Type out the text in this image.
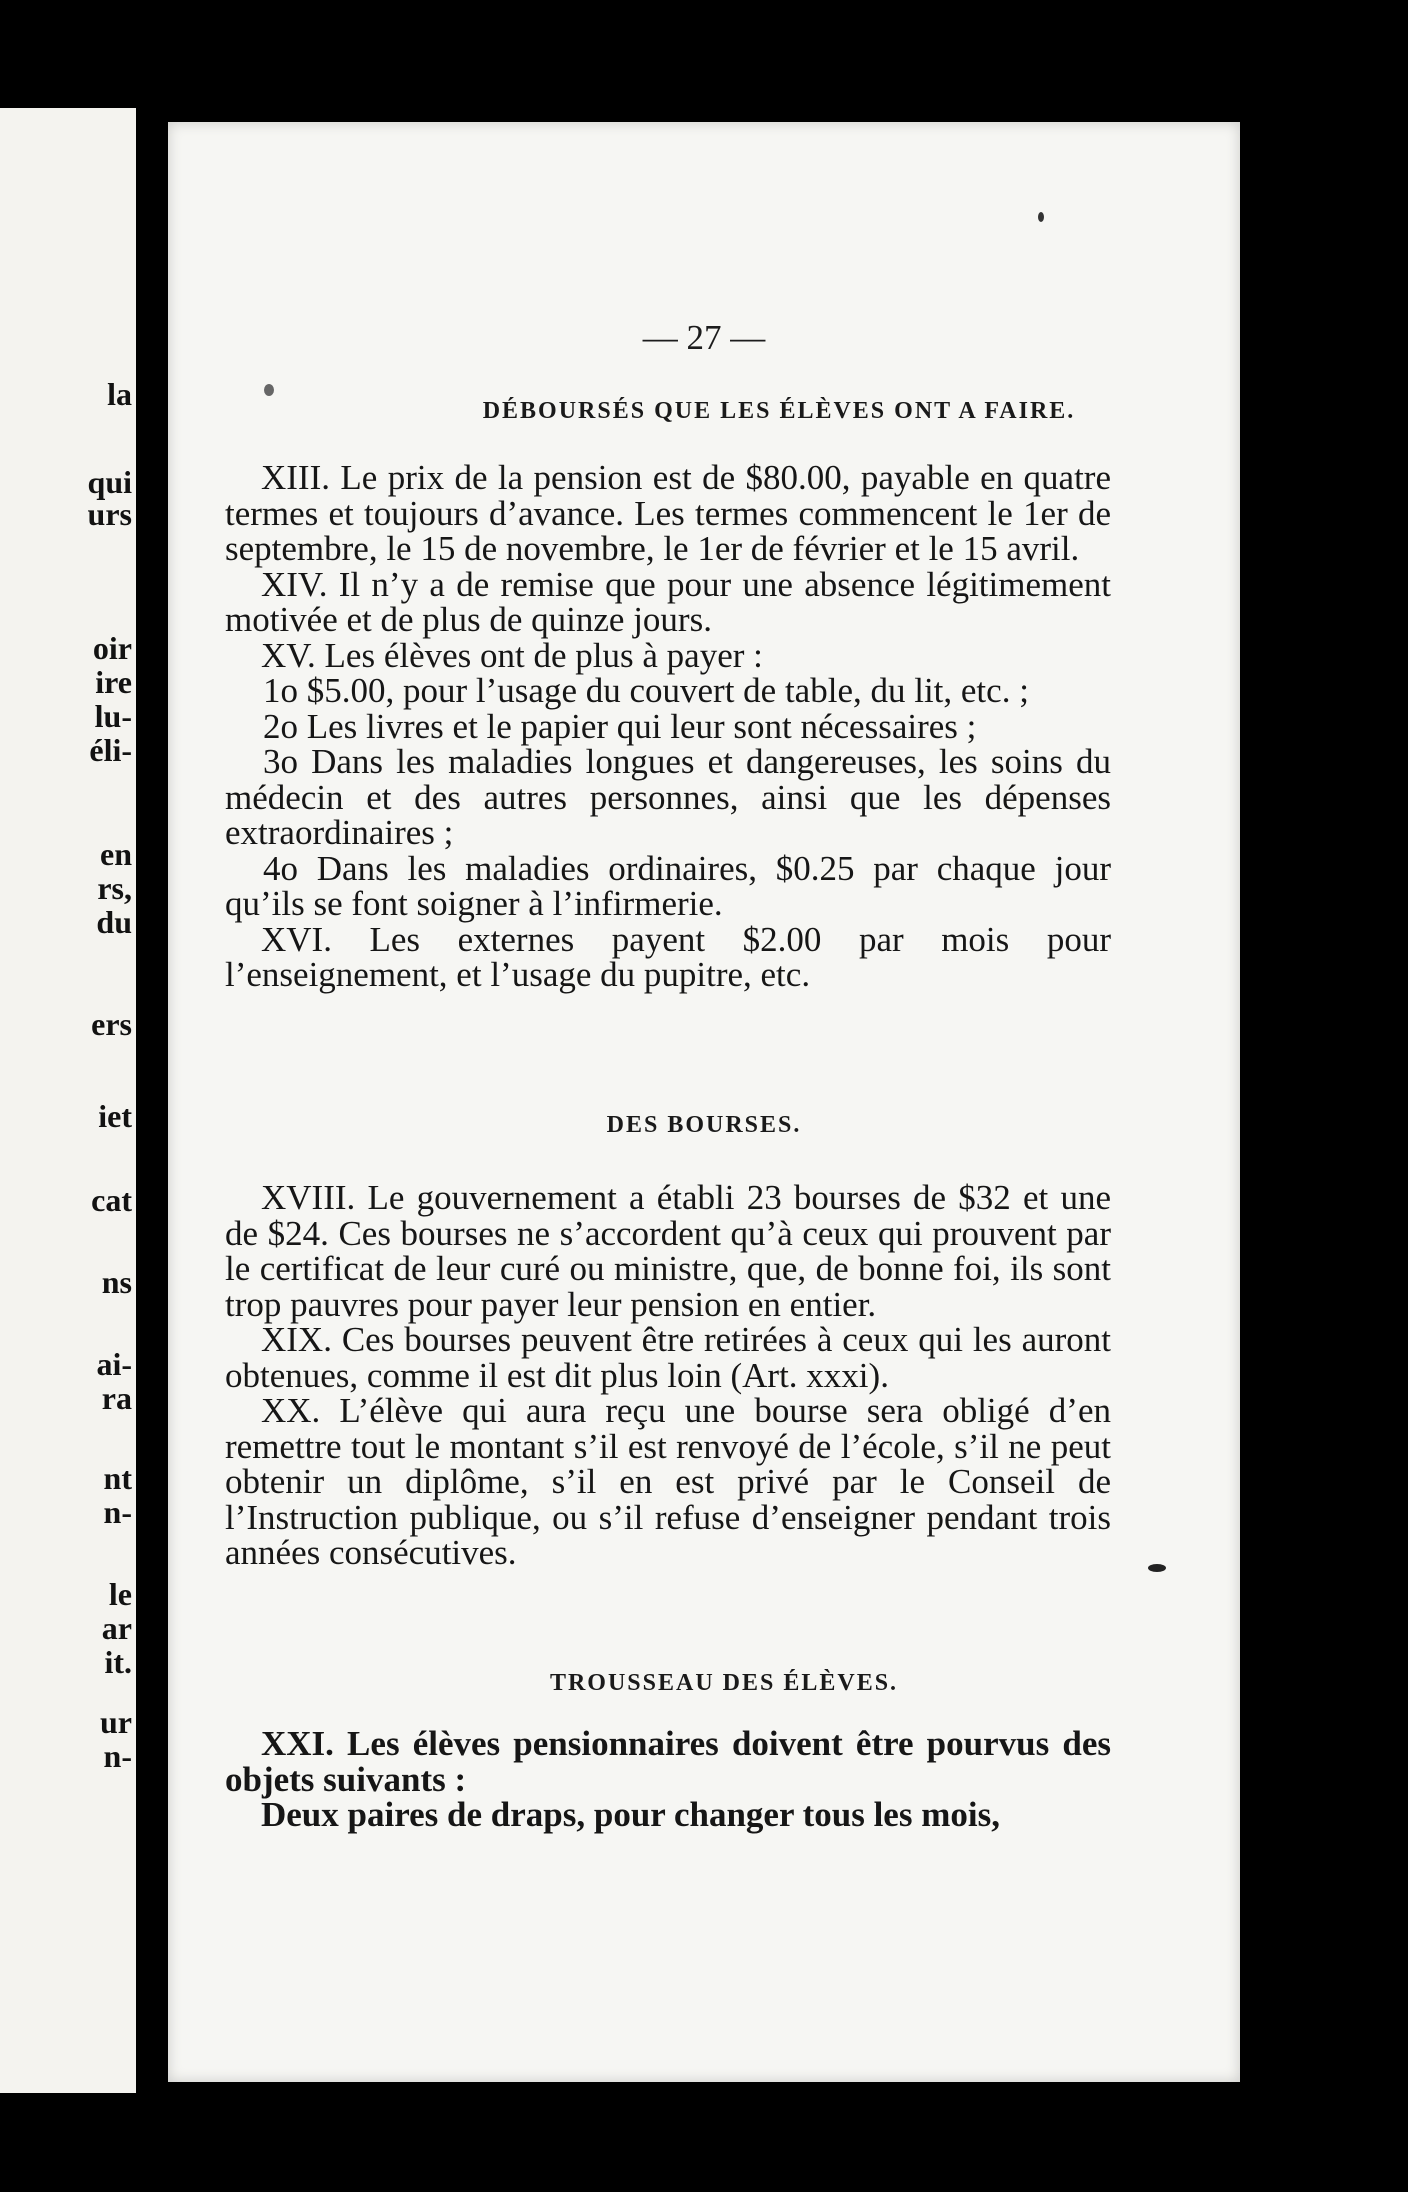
la
qui
urs
oir
ire
lu-
éli-
en
rs,
du
ers
iet
cat
ns
ai-
ra
nt
n-
le
ar
it.
ur
n-
— 27 —
DÉBOURSÉS QUE LES ÉLÈVES ONT A FAIRE.

XIII. Le prix de la pension est de $80.00, payable en quatre termes et toujours d’avance. Les termes commencent le 1er de septembre, le 15 de novembre, le 1er de février et le 15 avril.

XIV. Il n’y a de remise que pour une absence légitimement motivée et de plus de quinze jours.

XV. Les élèves ont de plus à payer :

1o $5.00, pour l’usage du couvert de table, du lit, etc. ;

2o Les livres et le papier qui leur sont nécessaires ;

3o Dans les maladies longues et dangereuses, les soins du médecin et des autres personnes, ainsi que les dépenses extraordinaires ;

4o Dans les maladies ordinaires, $0.25 par chaque jour qu’ils se font soigner à l’infirmerie.

XVI. Les externes payent $2.00 par mois pour l’enseignement, et l’usage du pupitre, etc.

DES BOURSES.

XVIII. Le gouvernement a établi 23 bourses de $32 et une de $24. Ces bourses ne s’accordent qu’à ceux qui prouvent par le certificat de leur curé ou ministre, que, de bonne foi, ils sont trop pauvres pour payer leur pension en entier.

XIX. Ces bourses peuvent être retirées à ceux qui les auront obtenues, comme il est dit plus loin (Art. xxxi).

XX. L’élève qui aura reçu une bourse sera obligé d’en remettre tout le montant s’il est renvoyé de l’école, s’il ne peut obtenir un diplôme, s’il en est privé par le Conseil de l’Instruction publique, ou s’il refuse d’enseigner pendant trois années consécutives.

TROUSSEAU DES ÉLÈVES.

XXI. Les élèves pensionnaires doivent être pourvus des objets suivants :

Deux paires de draps, pour changer tous les mois,
